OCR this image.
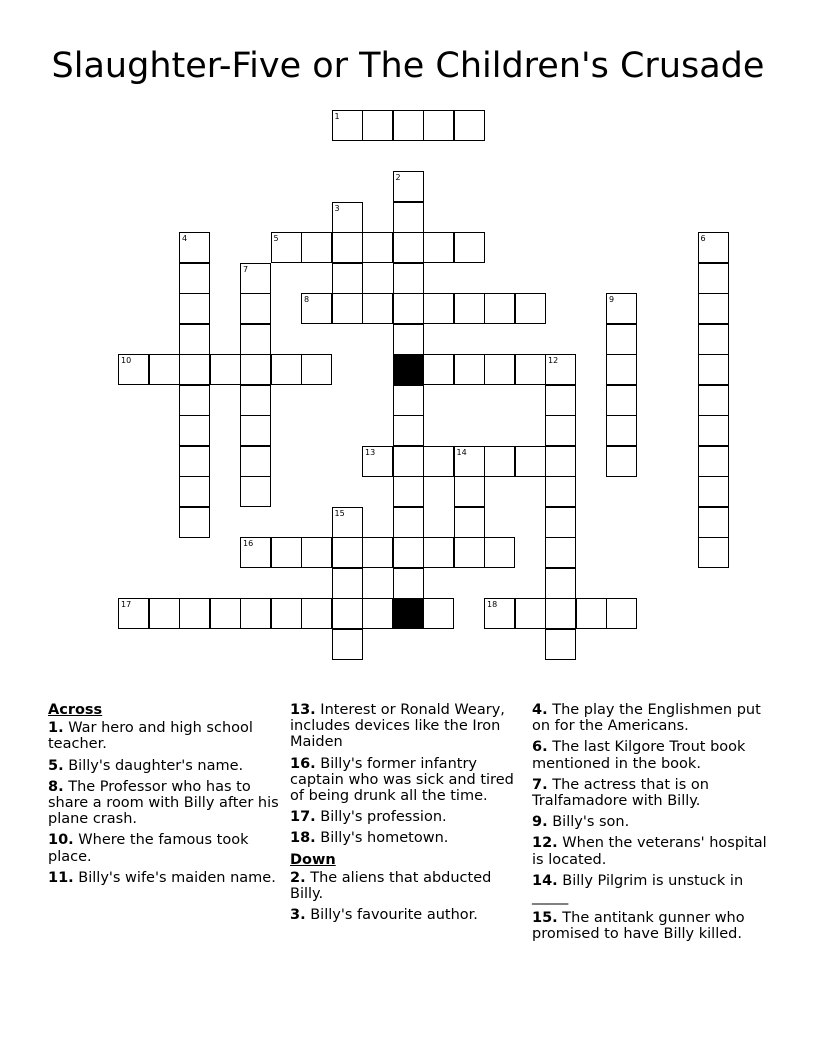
Slaughter-Five or The Children's Crusade
1
5
8
10	11	12
13	14
16
17	18
2
3
4	6
7
9
15
Across
1. War hero and high school teacher.
5. Billy's daughter's name.
8. The Professor who has to share a room with Billy after his plane crash.
10. Where the famous took place.
11. Billy's wife's maiden name.
13. Interest or Ronald Weary, includes devices like the Iron Maiden
16. Billy's former infantry captain who was sick and tired of being drunk all the time.
17. Billy's profession.
18. Billy's hometown.
Down
2. The aliens that abducted Billy.
3. Billy's favourite author.
4. The play the Englishmen put on for the Americans.
6. The last Kilgore Trout book mentioned in the book.
7. The actress that is on Tralfamadore with Billy.
9. Billy's son.
12. When the veterans' hospital is located.
14. Billy Pilgrim is unstuck in _____
15. The antitank gunner who promised to have Billy killed.
